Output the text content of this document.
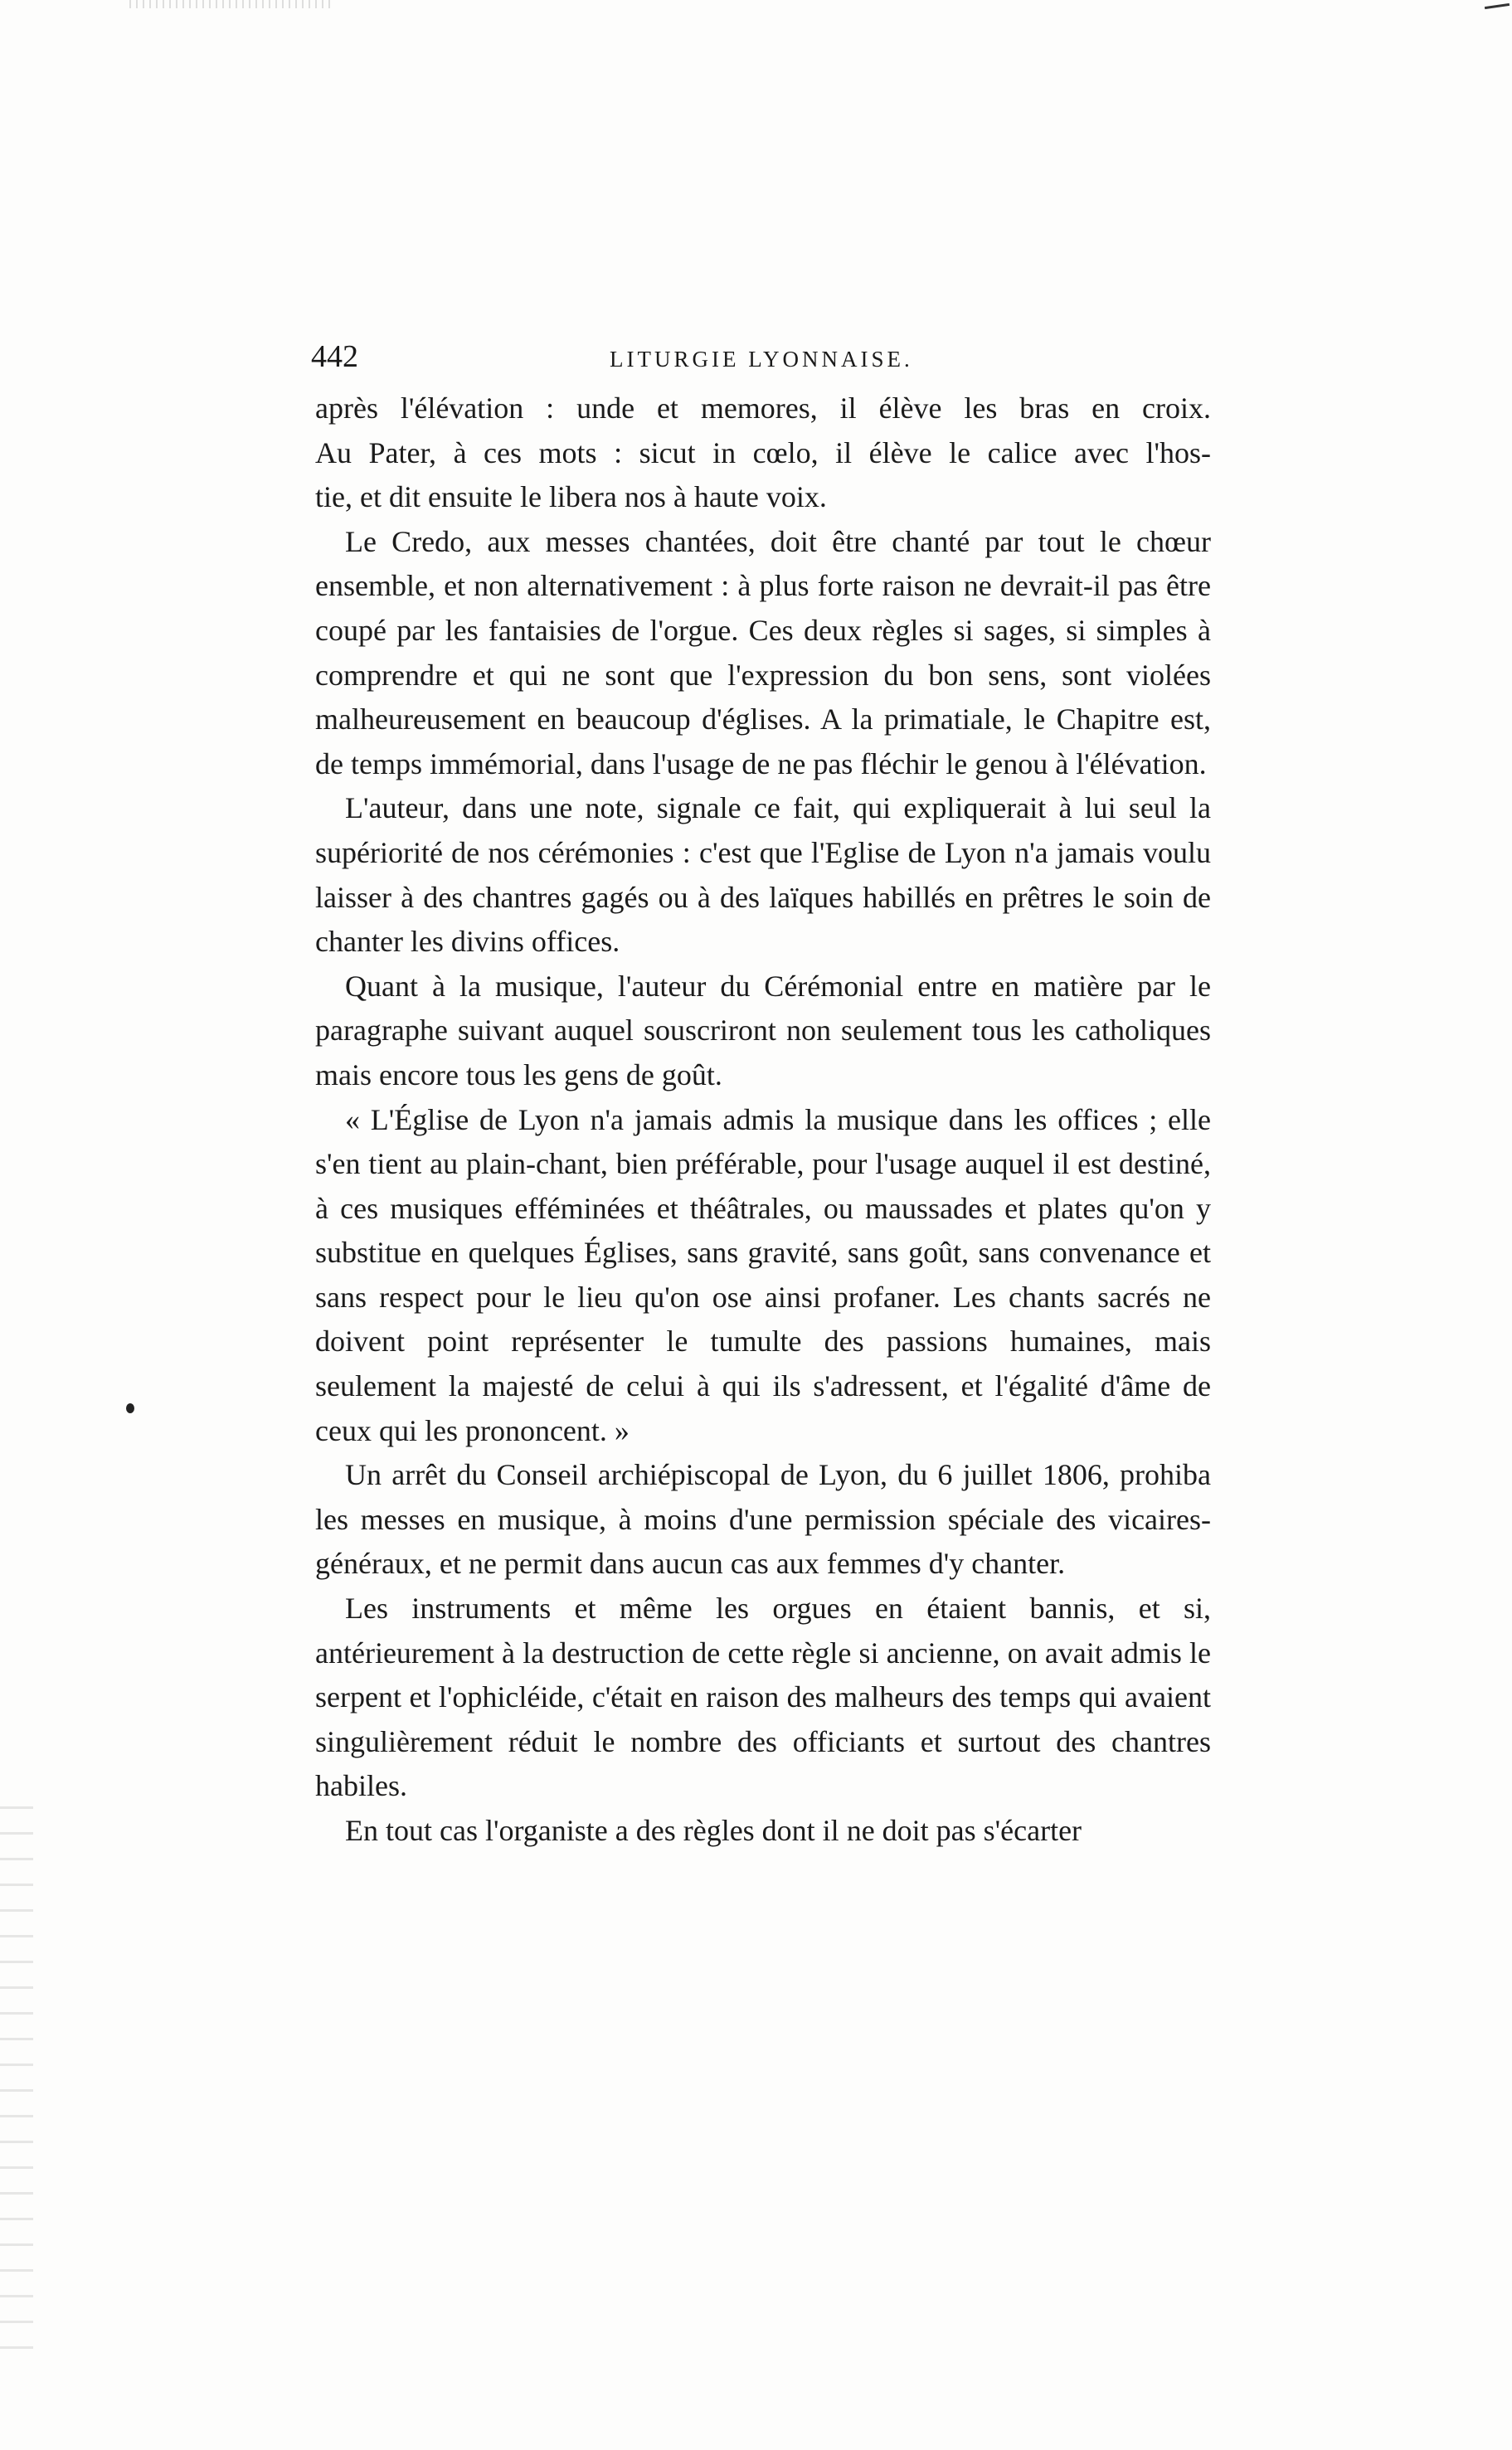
442	LITURGIE LYONNAISE.
après l'élévation : unde et memores, il élève les bras en croix.
Au Pater, à ces mots : sicut in cœlo, il élève le calice avec l'hos-
tie, et dit ensuite le libera nos à haute voix.

Le Credo, aux messes chantées, doit être chanté par tout le chœur ensemble, et non alternativement : à plus forte raison ne devrait-il pas être coupé par les fantaisies de l'orgue. Ces deux règles si sages, si simples à comprendre et qui ne sont que l'expression du bon sens, sont violées malheureusement en beaucoup d'églises. A la primatiale, le Chapitre est, de temps immémorial, dans l'usage de ne pas fléchir le genou à l'élévation.

L'auteur, dans une note, signale ce fait, qui expliquerait à lui seul la supériorité de nos cérémonies : c'est que l'Eglise de Lyon n'a jamais voulu laisser à des chantres gagés ou à des laïques habillés en prêtres le soin de chanter les divins offices.

Quant à la musique, l'auteur du Cérémonial entre en matière par le paragraphe suivant auquel souscriront non seulement tous les catholiques mais encore tous les gens de goût.

« L'Église de Lyon n'a jamais admis la musique dans les offices ; elle s'en tient au plain-chant, bien préférable, pour l'usage auquel il est destiné, à ces musiques efféminées et théâtrales, ou maussades et plates qu'on y substitue en quelques Églises, sans gravité, sans goût, sans convenance et sans respect pour le lieu qu'on ose ainsi profaner. Les chants sacrés ne doivent point représenter le tumulte des passions humaines, mais seulement la majesté de celui à qui ils s'adressent, et l'égalité d'âme de ceux qui les prononcent. »

Un arrêt du Conseil archiépiscopal de Lyon, du 6 juillet 1806, prohiba les messes en musique, à moins d'une permission spéciale des vicaires-généraux, et ne permit dans aucun cas aux femmes d'y chanter.

Les instruments et même les orgues en étaient bannis, et si, antérieurement à la destruction de cette règle si ancienne, on avait admis le serpent et l'ophicléide, c'était en raison des malheurs des temps qui avaient singulièrement réduit le nombre des officiants et surtout des chantres habiles.

En tout cas l'organiste a des règles dont il ne doit pas s'écarter
